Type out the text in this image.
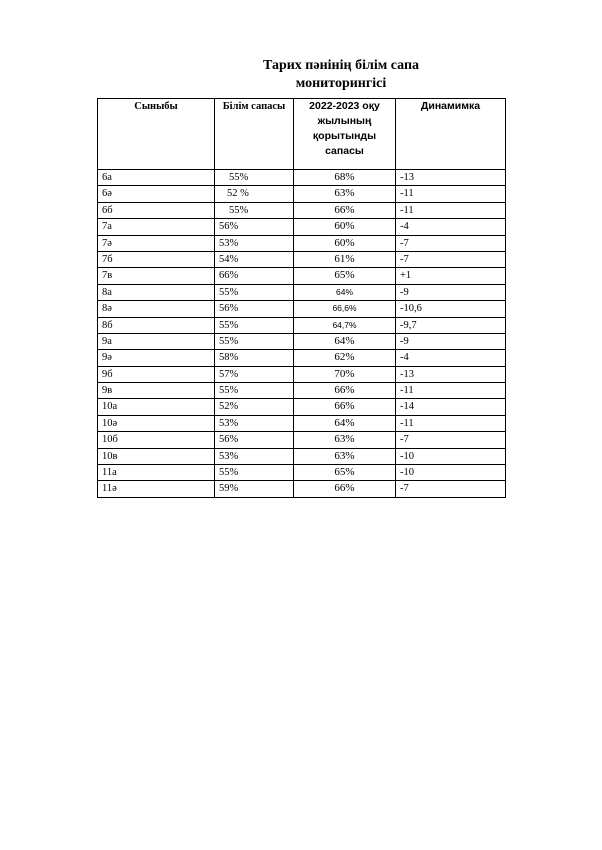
Тарих пәнінің білім сапа
мониторингісі
Сыныбы	Білім сапасы	2022-2023 оқу жылының қорытынды сапасы	Динамимка
6а	55%	68%	-13
6ә	52 %	63%	-11
6б	55%	66%	-11
7а	56%	60%	-4
7ә	53%	60%	-7
7б	54%	61%	-7
7в	66%	65%	+1
8а	55%	64%	-9
8ә	56%	66,6%	-10,6
8б	55%	64,7%	-9,7
9а	55%	64%	-9
9ә	58%	62%	-4
9б	57%	70%	-13
9в	55%	66%	-11
10а	52%	66%	-14
10ә	53%	64%	-11
10б	56%	63%	-7
10в	53%	63%	-10
11а	55%	65%	-10
11ә	59%	66%	-7
